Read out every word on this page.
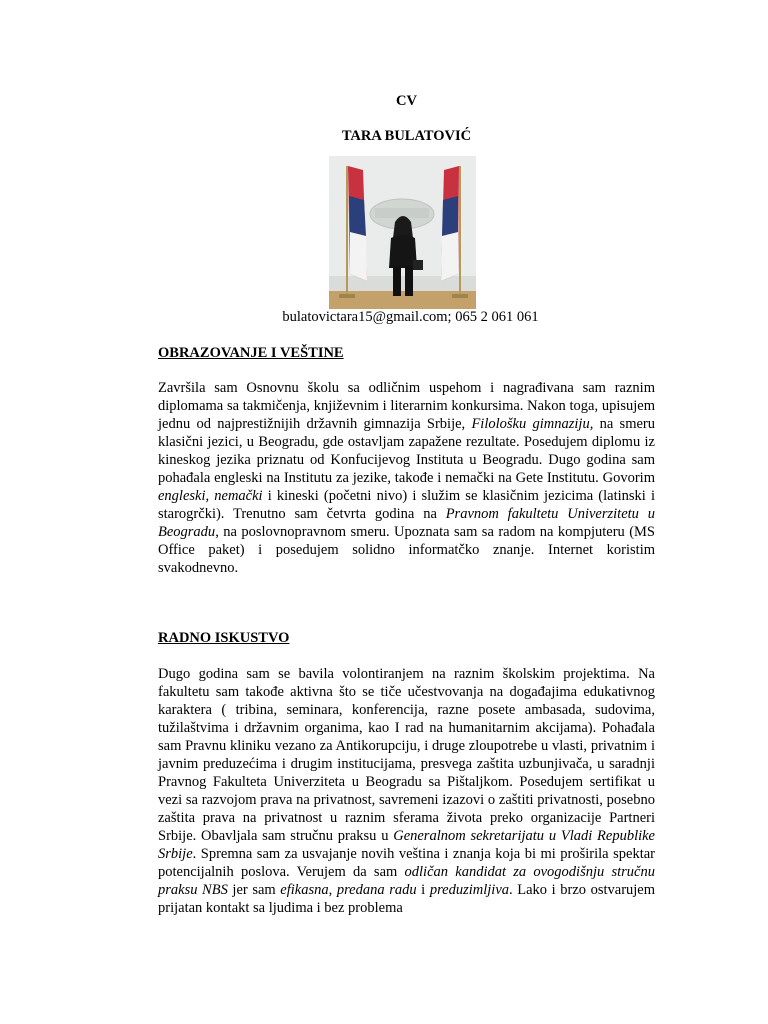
CV
TARA BULATOVIĆ
bulatovictara15@gmail.com; 065 2 061 061
OBRAZOVANJE I VEŠTINE
Završila sam Osnovnu školu sa odličnim uspehom i nagrađivana sam raznim diplomama sa takmičenja, književnim i literarnim konkursima. Nakon toga, upisujem jednu od najprestižnijih državnih gimnazija Srbije, Filološku gimnaziju, na smeru klasični jezici, u Beogradu, gde ostavljam zapažene rezultate. Posedujem diplomu iz kineskog jezika priznatu od Konfucijevog Instituta u Beogradu. Dugo godina sam pohađala engleski na Institutu za jezike, takođe i nemački na Gete Institutu. Govorim engleski, nemački i kineski (početni nivo) i služim se klasičnim jezicima (latinski i starogrčki). Trenutno sam četvrta godina na Pravnom fakultetu Univerzitetu u Beogradu, na poslovnopravnom smeru. Upoznata sam sa radom na kompjuteru (MS Office paket) i posedujem solidno informatčko znanje. Internet koristim svakodnevno.
RADNO ISKUSTVO
Dugo godina sam se bavila volontiranjem na raznim školskim projektima. Na fakultetu sam takođe aktivna što se tiče učestvovanja na događajima edukativnog karaktera ( tribina, seminara, konferencija, razne posete ambasada, sudovima, tužilaštvima i državnim organima, kao I rad na humanitarnim akcijama). Pohađala sam Pravnu kliniku vezano za Antikorupciju, i druge zloupotrebe u vlasti, privatnim i javnim preduzećima i drugim institucijama, presvega zaštita uzbunjivača, u saradnji Pravnog Fakulteta Univerziteta u Beogradu sa Pištaljkom. Posedujem sertifikat u vezi sa razvojom prava na privatnost, savremeni izazovi o zaštiti privatnosti, posebno zaštita prava na privatnost u raznim sferama života preko organizacije Partneri Srbije. Obavljala sam stručnu praksu u Generalnom sekretarijatu u Vladi Republike Srbije. Spremna sam za usvajanje novih veština i znanja koja bi mi proširila spektar potencijalnih poslova. Verujem da sam odličan kandidat za ovogodišnju stručnu praksu NBS jer sam efikasna, predana radu i preduzimljiva. Lako i brzo ostvarujem prijatan kontakt sa ljudima i bez problema
